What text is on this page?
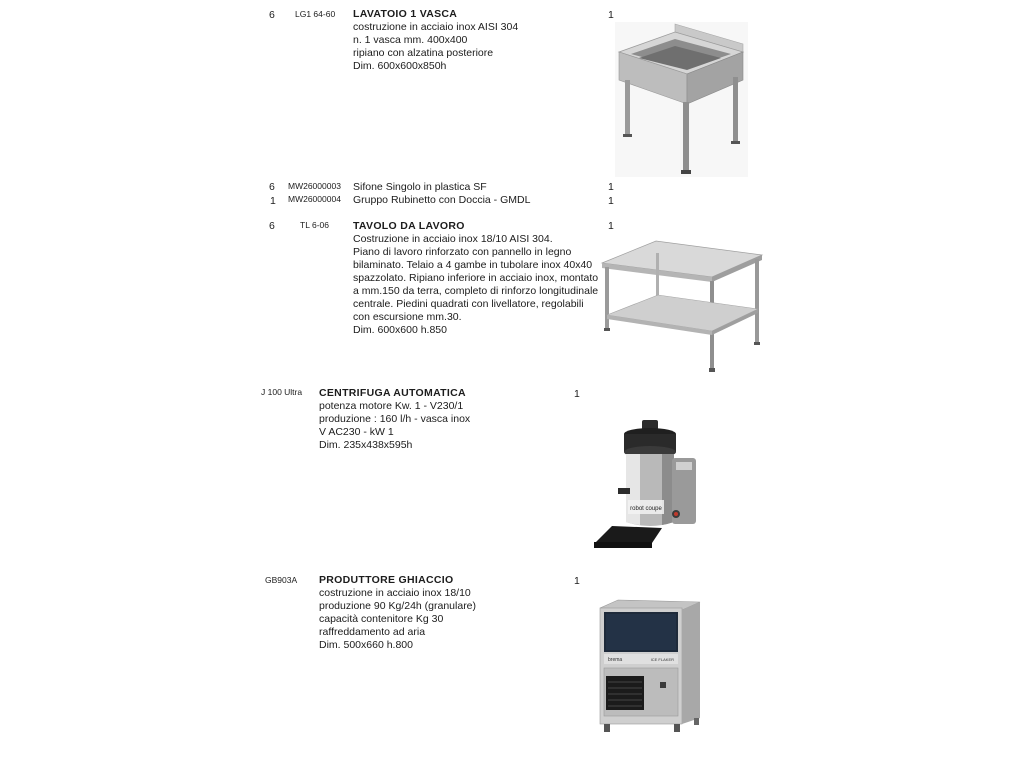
6 LG1 64-60 LAVATOIO 1 VASCA
costruzione in acciaio inox AISI 304
n. 1 vasca mm. 400x400
ripiano con alzatina posteriore
Dim. 600x600x850h
1
6 MW26000003 Sifone Singolo in plastica SF	1
1 MW26000004 Gruppo Rubinetto con Doccia - GMDL	1
6	TL 6-06 TAVOLO DA LAVORO
Costruzione in acciaio inox 18/10 AISI 304.
Piano di lavoro rinforzato con pannello in legno
bilaminato. Telaio a 4 gambe in tubolare inox 40x40
spazzolato. Ripiano inferiore in acciaio inox, montato
a mm.150 da terra, completo di rinforzo longitudinale
centrale. Piedini quadrati con livellatore, regolabili
con escursione mm.30.
Dim. 600x600 h.850
1
J 100 Ultra CENTRIFUGA AUTOMATICA
potenza motore Kw. 1 - V230/1
produzione : 160 l/h - vasca inox
V AC230 - kW 1
Dim. 235x438x595h
1
robot coupe
GB903A PRODUTTORE GHIACCIO
costruzione in acciaio inox 18/10
produzione 90 Kg/24h (granulare)
capacità contenitore Kg 30
raffreddamento ad aria
Dim. 500x660 h.800
1
brema	ICE FLAKER
